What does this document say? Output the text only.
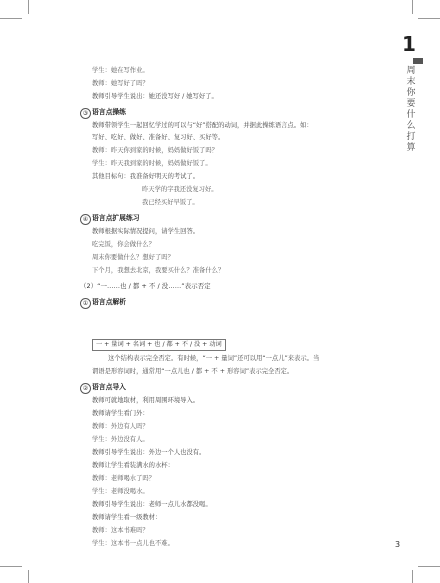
1
周
末
你
要
什
么
打
算
学生：她在写作业。
教师：她写好了吗？
教师引导学生说出：她还没写好 / 她写好了。
③ 语言点操练
教师带领学生一起回忆学过的可以与“好”搭配的动词，并据此操练语言点。如：
写好、吃好、做好、准备好、复习好、买好等。
教师：昨天你到家的时候，妈妈做好饭了吗？
学生：昨天我到家的时候，妈妈做好饭了。
其他目标句：我准备好明天的考试了。
昨天学的字我还没复习好。
我已经买好早饭了。
④ 语言点扩展练习
教师根据实际情况提问，请学生回答。
吃完饭，你会做什么？
周末你要做什么？想好了吗？
下个月，我想去北京，我要买什么？准备什么？
（2）“一……也 / 都 + 不 / 没……”表示否定
① 语言点解析
一 + 量词 + 名词 + 也 / 都 + 不 / 没 + 动词
这个结构表示完全否定。有时候，“一 + 量词”还可以用“一点儿”来表示。当
谓语是形容词时，通常用“一点儿也 / 都 + 不 + 形容词”表示完全否定。
② 语言点导入
教师可就地取材，利用周围环境导入。
教师请学生看门外：
教师：外边有人吗？
学生：外边没有人。
教师引导学生说出：外边一个人也没有。
教师让学生看装满水的水杯：
教师：老师喝水了吗？
学生：老师没喝水。
教师引导学生说出：老师一点儿水都没喝。
教师请学生看一级教材：
教师：这本书难吗？
学生：这本书一点儿也不难。	3
